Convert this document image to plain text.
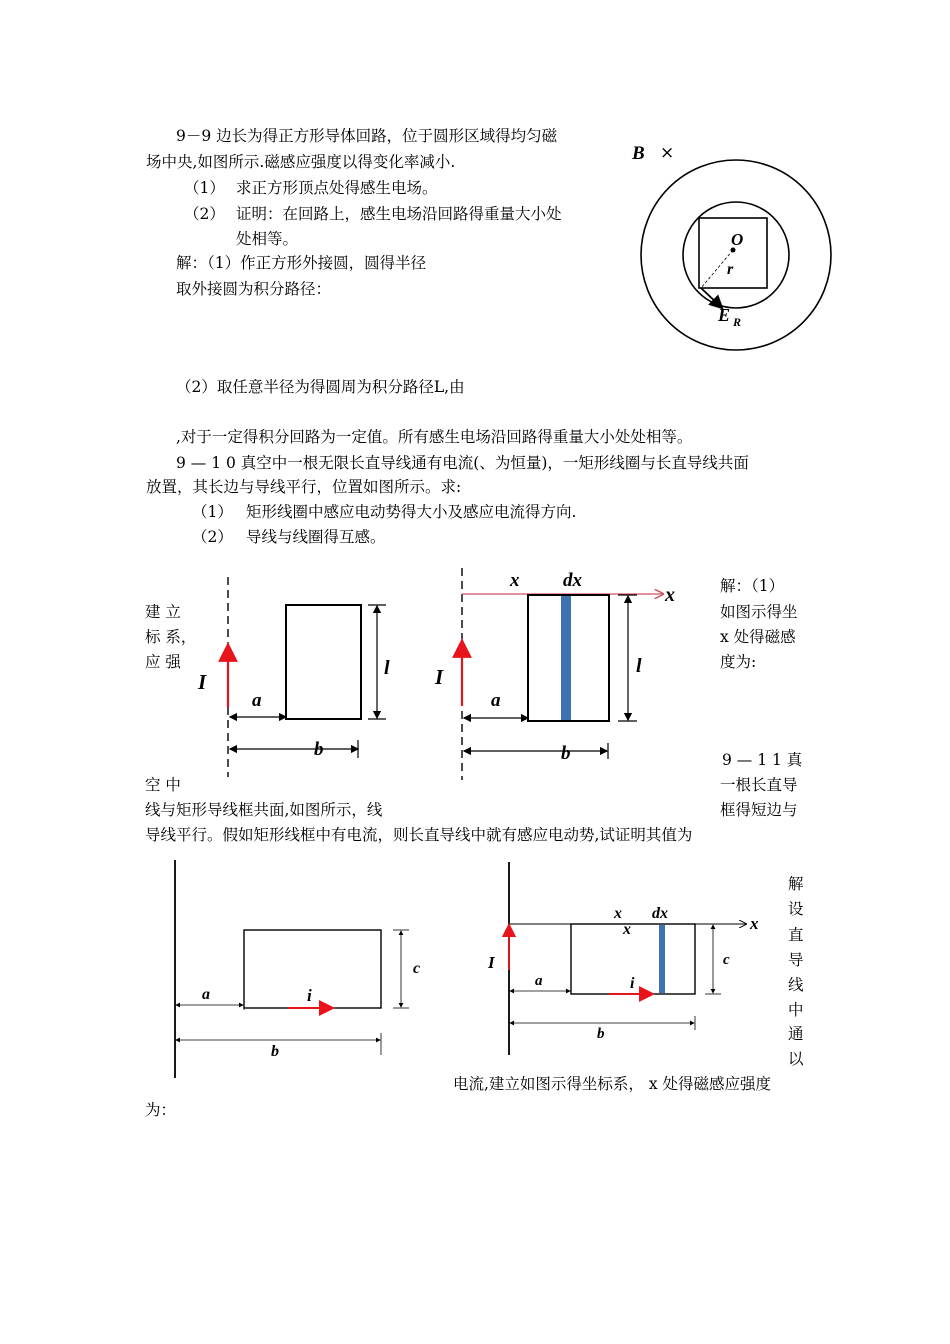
9－9 边长为得正方形导体回路，位于圆形区域得均匀磁
场中央,如图所示.磁感应强度以得变化率减小.
（1） 求正方形顶点处得感生电场。
（2） 证明：在回路上，感生电场沿回路得重量大小处
处相等。
解：（1）作正方形外接圆，圆得半径
取外接圆为积分路径：
（2）取任意半径为得圆周为积分路径L,由
,对于一定得积分回路为一定值。所有感生电场沿回路得重量大小处处相等。
B ×
O
r
E R
9 — 1 0 真空中一根无限长直导线通有电流(、为恒量)，一矩形线圈与长直导线共面
放置，其长边与导线平行，位置如图所示。求:
（1） 矩形线圈中感应电动势得大小及感应电流得方向.
（2） 导线与线圈得互感。
解：（1）
建 立	如图示得坐
标 系，	x 处得磁感
应 强	度为:
I
a
b
l
x dx
x
I
a
b
l
9 — 1 1 真
空 中	一根长直导
线与矩形导线框共面,如图所示，线	框得短边与
导线平行。假如矩形线框中有电流，则长直导线中就有感应电动势,试证明其值为
解
设
直
导
线
中
通
以
电流,建立如图示得坐标系， x 处得磁感应强度
为：
a
b
c
i
x
x
dx
x
I
a
b
c
i
